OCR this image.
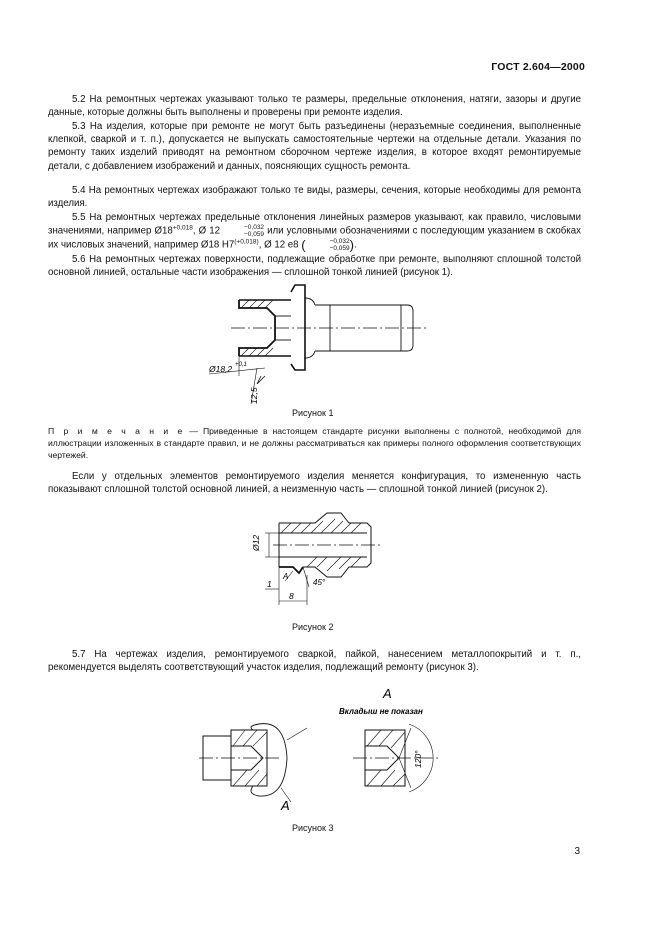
ГОСТ 2.604—2000

5.2 На ремонтных чертежах указывают только те размеры, предельные отклонения, натяги, зазоры и другие данные, которые должны быть выполнены и проверены при ремонте изделия.

5.3 На изделия, которые при ремонте не могут быть разъединены (неразъемные соединения, выполненные клепкой, сваркой и т. п.), допускается не выпускать самостоятельные чертежи на отдельные детали. Указания по ремонту таких изделий приводят на ремонтном сборочном чертеже изделия, в которое входят ремонтируемые детали, с добавлением изображений и данных, поясняющих сущность ремонта.

5.4 На ремонтных чертежах изображают только те виды, размеры, сечения, которые необходимы для ремонта изделия.

5.5 На ремонтных чертежах предельные отклонения линейных размеров указывают, как правило, числовыми значениями, например $Ø18^{+0,018}$, Ø 12	−0,032
−0,059 или условными обозначениями с последующим указанием в скобках их числовых значений, например Ø18 $H7^{(+0,018)}$, Ø 12 e8 (	−0,032
−0,059 ).

5.6 На ремонтных чертежах поверхности, подлежащие обработке при ремонте, выполняют сплошной толстой основной линией, остальные части изображения — сплошной тонкой линией (рисунок 1).

Ø18,2 +0,1
12,5
Рисунок 1

П р и м е ч а н и е — Приведенные в настоящем стандарте рисунки выполнены с полнотой, необходимой для иллюстрации изложенных в стандарте правил, и не должны рассматриваться как примеры полного оформления соответствующих чертежей.

Если у отдельных элементов ремонтируемого изделия меняется конфигурация, то измененную часть показывают сплошной толстой основной линией, а неизменную часть — сплошной тонкой линией (рисунок 2).

Ø12
8
1	45°
А
Рисунок 2

5.7 На чертежах изделия, ремонтируемого сваркой, пайкой, нанесением металлопокрытий и т. п., рекомендуется выделять соответствующий участок изделия, подлежащий ремонту (рисунок 3).

А
Вкладыш не показан
120°
А
Рисунок 3
3
